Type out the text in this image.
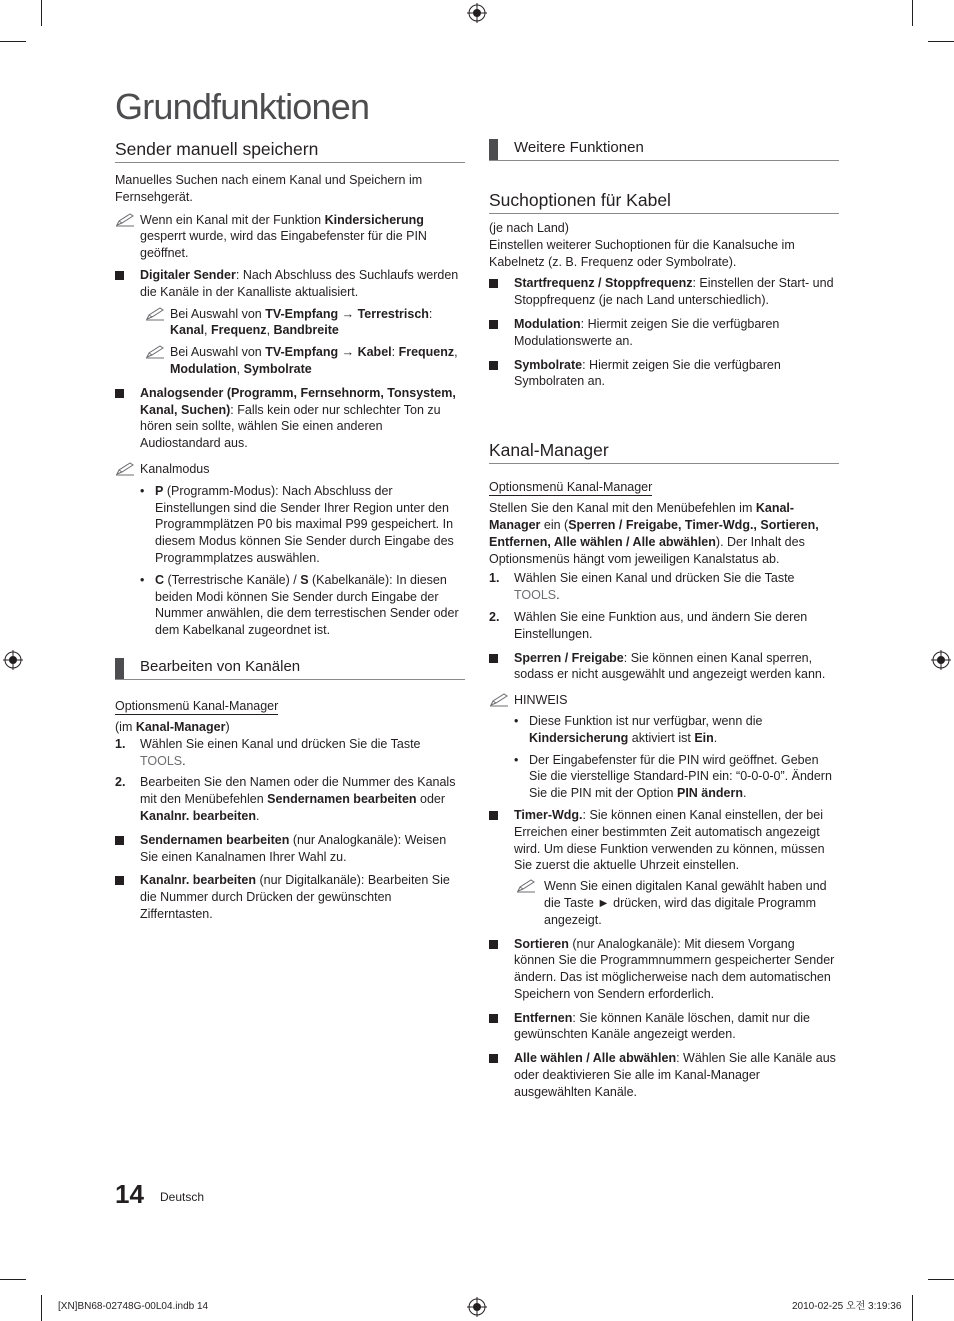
Grundfunktionen
Sender manuell speichern

Manuelles Suchen nach einem Kanal und Speichern im Fernsehgerät.

Wenn ein Kanal mit der Funktion Kindersicherung gesperrt wurde, wird das Eingabefenster für die PIN geöffnet.
Digitaler Sender: Nach Abschluss des Suchlaufs werden die Kanäle in der Kanalliste aktualisiert.
Bei Auswahl von TV-Empfang → Terrestrisch: Kanal, Frequenz, Bandbreite
Bei Auswahl von TV-Empfang → Kabel: Frequenz, Modulation, Symbolrate
Analogsender (Programm, Fernsehnorm, Tonsystem, Kanal, Suchen): Falls kein oder nur schlechter Ton zu hören sein sollte, wählen Sie einen anderen Audiostandard aus.
Kanalmodus
• P (Programm-Modus): Nach Abschluss der Einstellungen sind die Sender Ihrer Region unter den Programmplätzen P0 bis maximal P99 gespeichert. In diesem Modus können Sie Sender durch Eingabe des Programmplatzes auswählen.
• C (Terrestrische Kanäle) / S (Kabelkanäle): In diesen beiden Modi können Sie Sender durch Eingabe der Nummer anwählen, die dem terrestischen Sender oder dem Kabelkanal zugeordnet ist.
Bearbeiten von Kanälen

Optionsmenü Kanal-Manager

(im Kanal-Manager)

1. Wählen Sie einen Kanal und drücken Sie die Taste TOOLS.
2. Bearbeiten Sie den Namen oder die Nummer des Kanals mit den Menübefehlen Sendernamen bearbeiten oder Kanalnr. bearbeiten.
Sendernamen bearbeiten (nur Analogkanäle): Weisen Sie einen Kanalnamen Ihrer Wahl zu.
Kanalnr. bearbeiten (nur Digitalkanäle): Bearbeiten Sie die Nummer durch Drücken der gewünschten Zifferntasten.
Weitere Funktionen
Suchoptionen für Kabel

(je nach Land)

Einstellen weiterer Suchoptionen für die Kanalsuche im Kabelnetz (z. B. Frequenz oder Symbolrate).

Startfrequenz / Stoppfrequenz: Einstellen der Start- und Stoppfrequenz (je nach Land unterschiedlich).
Modulation: Hiermit zeigen Sie die verfügbaren Modulationswerte an.
Symbolrate: Hiermit zeigen Sie die verfügbaren Symbolraten an.
Kanal-Manager

Optionsmenü Kanal-Manager

Stellen Sie den Kanal mit den Menübefehlen im Kanal-Manager ein (Sperren / Freigabe, Timer-Wdg., Sortieren, Entfernen, Alle wählen / Alle abwählen). Der Inhalt des Optionsmenüs hängt vom jeweiligen Kanalstatus ab.

1. Wählen Sie einen Kanal und drücken Sie die Taste TOOLS.
2. Wählen Sie eine Funktion aus, und ändern Sie deren Einstellungen.
Sperren / Freigabe: Sie können einen Kanal sperren, sodass er nicht ausgewählt und angezeigt werden kann.
HINWEIS
• Diese Funktion ist nur verfügbar, wenn die Kindersicherung aktiviert ist Ein.
• Der Eingabefenster für die PIN wird geöffnet. Geben Sie die vierstellige Standard-PIN ein: “0-0-0-0”. Ändern Sie die PIN mit der Option PIN ändern.
Timer-Wdg.: Sie können einen Kanal einstellen, der bei Erreichen einer bestimmten Zeit automatisch angezeigt wird. Um diese Funktion verwenden zu können, müssen Sie zuerst die aktuelle Uhrzeit einstellen.
Wenn Sie einen digitalen Kanal gewählt haben und die Taste ► drücken, wird das digitale Programm angezeigt.
Sortieren (nur Analogkanäle): Mit diesem Vorgang können Sie die Programmnummern gespeicherter Sender ändern. Das ist möglicherweise nach dem automatischen Speichern von Sendern erforderlich.
Entfernen: Sie können Kanäle löschen, damit nur die gewünschten Kanäle angezeigt werden.
Alle wählen / Alle abwählen: Wählen Sie alle Kanäle aus oder deaktivieren Sie alle im Kanal-Manager ausgewählten Kanäle.
14 Deutsch
[XN]BN68-02748G-00L04.indb 14	2010-02-25 오전 3:19:36
